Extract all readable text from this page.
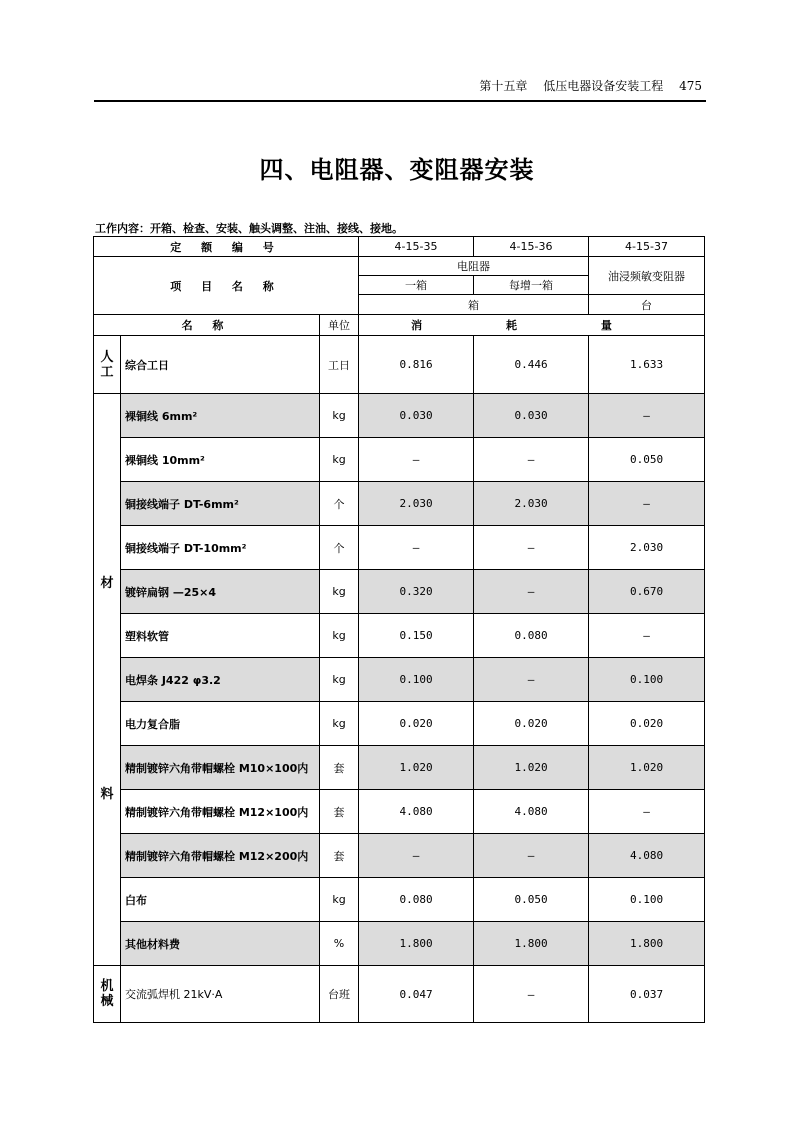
第十五章 低压电器设备安装工程 475
四、电阻器、变阻器安装
工作内容：开箱、检查、安装、触头调整、注油、接线、接地。
定 额 编 号			4-15-35	4-15-36	4-15-37
项 目 名 称			电阻器		油浸频敏变阻器
			一箱	每增一箱	
			箱		台
名 称		单位	消 耗 量		
人工	综合工日	工日	0.816	0.446	1.633

材
料	裸铜线 6mm²	kg	0.030	0.030	—
	裸铜线 10mm²	kg	—	—	0.050
	铜接线端子 DT-6mm²	个	2.030	2.030	—
	铜接线端子 DT-10mm²	个	—	—	2.030
	镀锌扁钢 —25×4	kg	0.320	—	0.670
	塑料软管	kg	0.150	0.080	—
	电焊条 J422 φ3.2	kg	0.100	—	0.100
	电力复合脂	kg	0.020	0.020	0.020
	精制镀锌六角带帽螺栓 M10×100内	套	1.020	1.020	1.020
	精制镀锌六角带帽螺栓 M12×100内	套	4.080	4.080	—
	精制镀锌六角带帽螺栓 M12×200内	套	—	—	4.080
	白布	kg	0.080	0.050	0.100
	其他材料费	%	1.800	1.800	1.800
机械	交流弧焊机 21kV·A	台班	0.047	—	0.037
